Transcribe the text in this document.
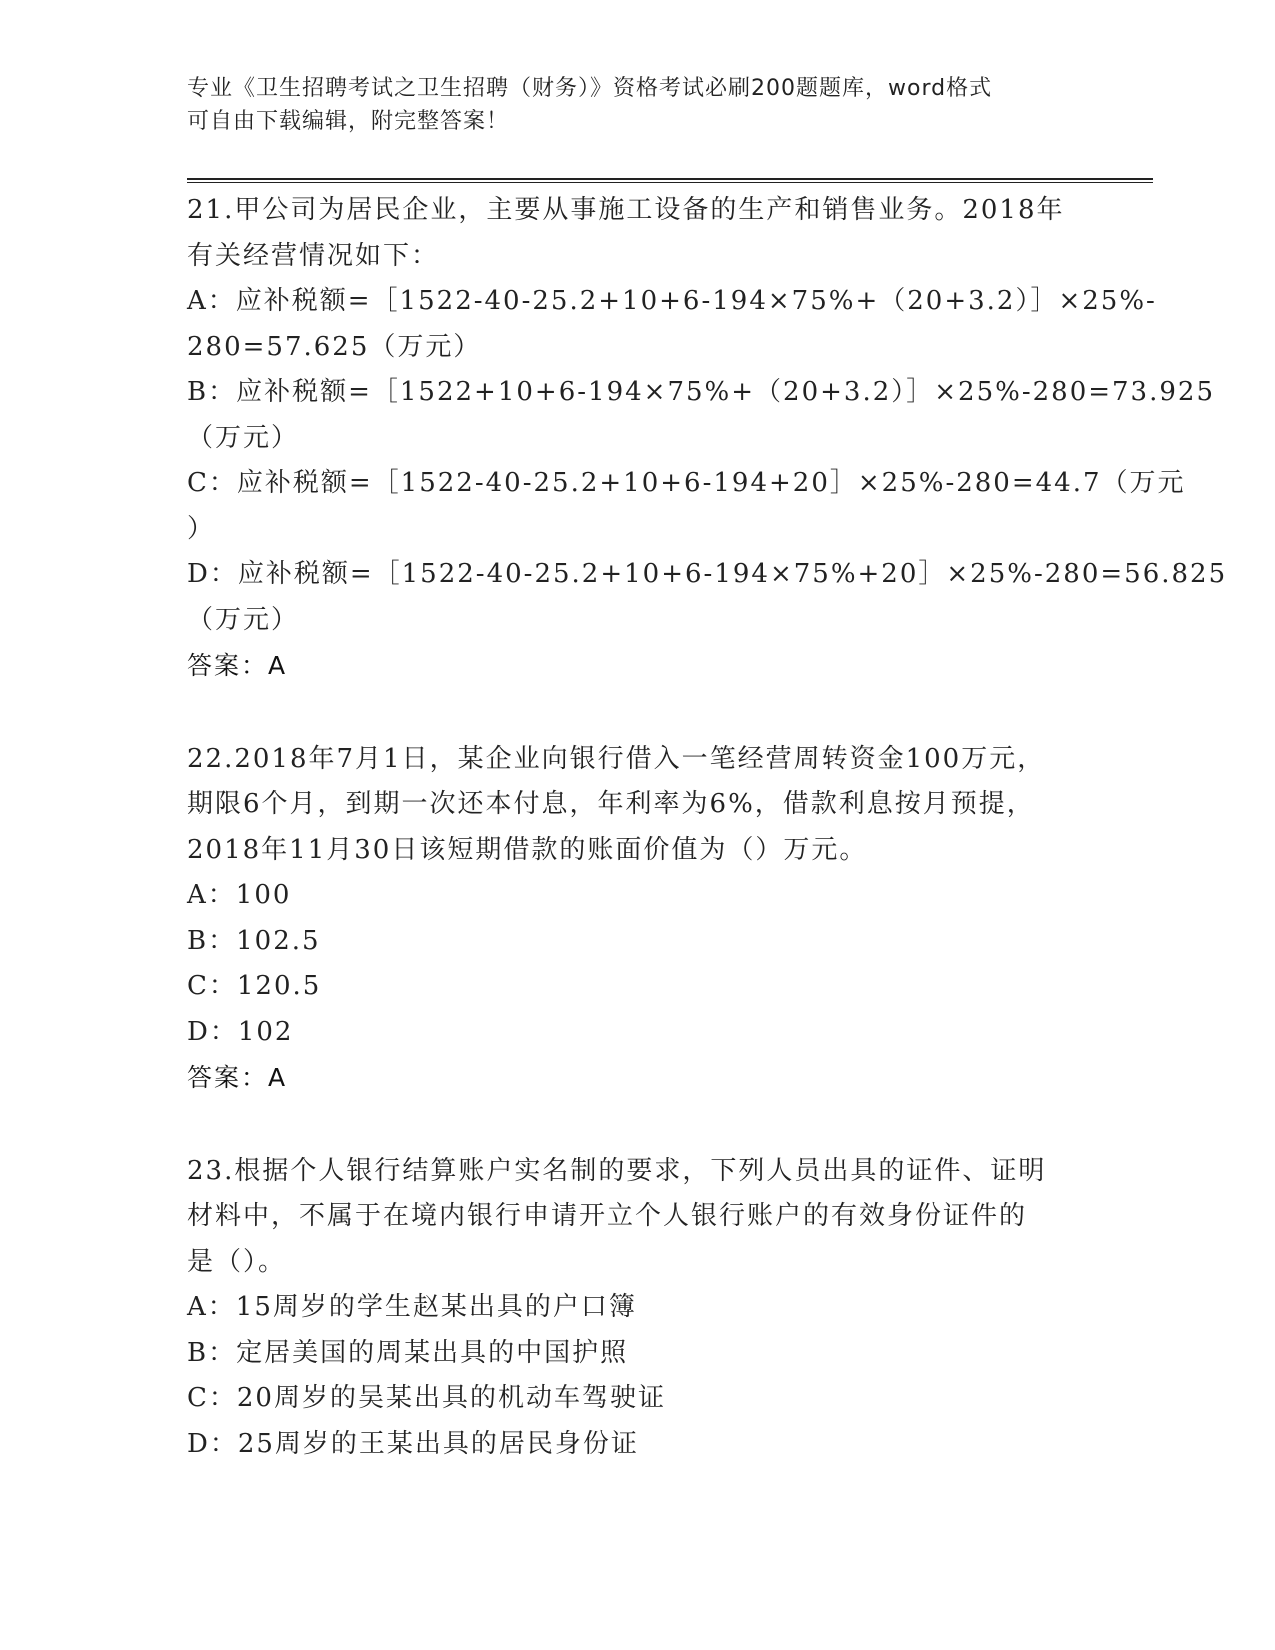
专业《卫生招聘考试之卫生招聘（财务）》资格考试必刷200题题库，word格式
可自由下载编辑，附完整答案！
21.甲公司为居民企业，主要从事施工设备的生产和销售业务。2018年
有关经营情况如下：
A：应补税额=［1522-40-25.2+10+6-194×75%+（20+3.2）］×25%-
280=57.625（万元）
B：应补税额=［1522+10+6-194×75%+（20+3.2）］×25%-280=73.925
（万元）
C：应补税额=［1522-40-25.2+10+6-194+20］×25%-280=44.7（万元
）
D：应补税额=［1522-40-25.2+10+6-194×75%+20］×25%-280=56.825
（万元）
答案：A
22.2018年7月1日，某企业向银行借入一笔经营周转资金100万元，
期限6个月，到期一次还本付息，年利率为6%，借款利息按月预提，
2018年11月30日该短期借款的账面价值为（）万元。
A：100
B：102.5
C：120.5
D：102
答案：A
23.根据个人银行结算账户实名制的要求，下列人员出具的证件、证明
材料中，不属于在境内银行申请开立个人银行账户的有效身份证件的
是（）。
A：15周岁的学生赵某出具的户口簿
B：定居美国的周某出具的中国护照
C：20周岁的吴某出具的机动车驾驶证
D：25周岁的王某出具的居民身份证
